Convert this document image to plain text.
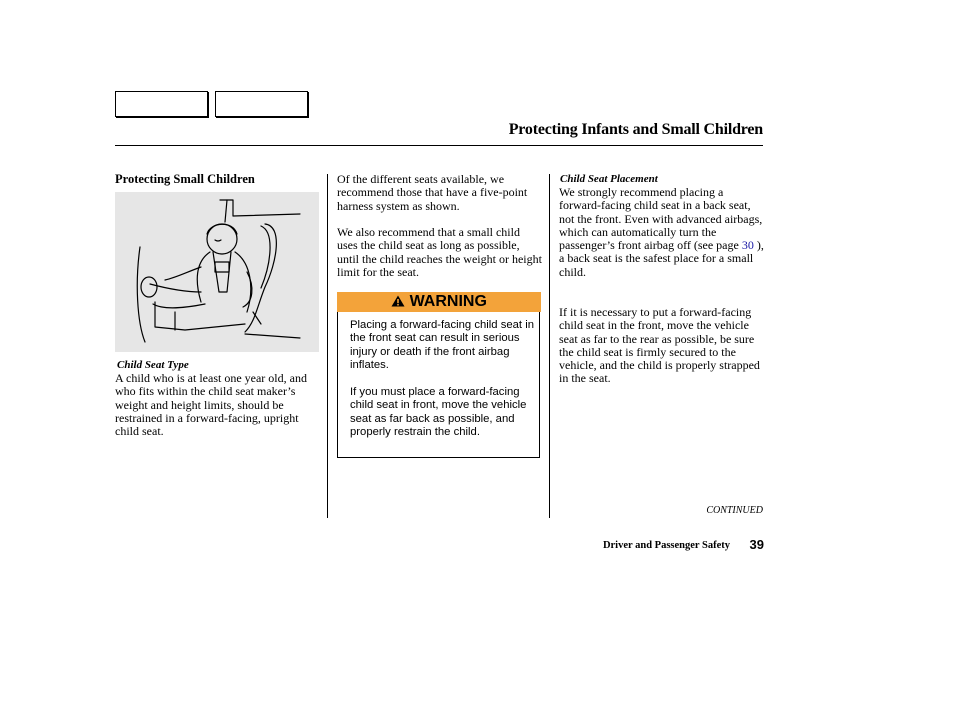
Protecting Infants and Small Children
Protecting Small Children
Child Seat Type

A child who is at least one year old, and who fits within the child seat maker’s weight and height limits, should be restrained in a forward-facing, upright child seat.

Of the different seats available, we recommend those that have a five-point harness system as shown.

We also recommend that a small child uses the child seat as long as possible, until the child reaches the weight or height limit for the seat.

WARNING

Placing a forward-facing child seat in the front seat can result in serious injury or death if the front airbag inflates.

If you must place a forward-facing child seat in front, move the vehicle seat as far back as possible, and properly restrain the child.

Child Seat Placement

We strongly recommend placing a forward-facing child seat in a back seat, not the front. Even with advanced airbags, which can automatically turn the passenger’s front airbag off (see page 30 ), a back seat is the safest place for a small child.

If it is necessary to put a forward-facing child seat in the front, move the vehicle seat as far to the rear as possible, be sure the child seat is firmly secured to the vehicle, and the child is properly strapped in the seat.

CONTINUED
Driver and Passenger Safety	39
